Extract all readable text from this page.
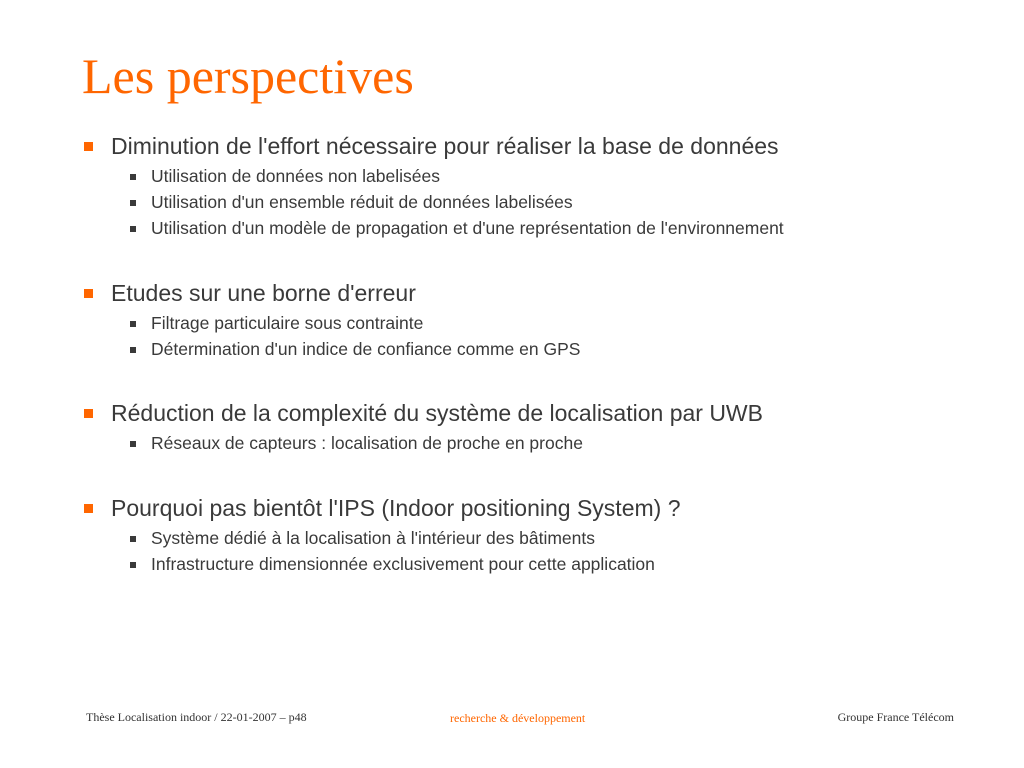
Les perspectives
Diminution de l'effort nécessaire pour réaliser la base de données
Utilisation de données non labelisées
Utilisation d'un ensemble réduit de données labelisées
Utilisation d'un modèle de propagation et d'une représentation de l'environnement
Etudes sur une borne d'erreur
Filtrage particulaire sous contrainte
Détermination d'un indice de confiance comme en GPS
Réduction de la complexité du système de localisation par UWB
Réseaux de capteurs : localisation de proche en proche
Pourquoi pas bientôt l'IPS (Indoor positioning System) ?
Système dédié à la localisation à l'intérieur des bâtiments
Infrastructure dimensionnée exclusivement pour cette application
Thèse Localisation indoor / 22-01-2007 – p48	recherche & développement	Groupe France Télécom
